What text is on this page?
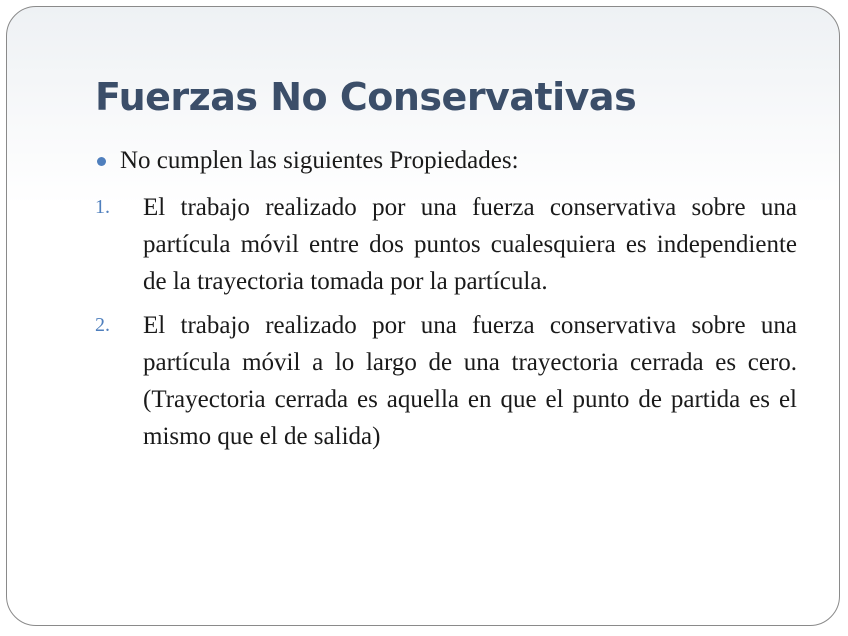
Fuerzas No Conservativas
No cumplen las siguientes Propiedades:
1.	El trabajo realizado por una fuerza conservativa sobre una partícula móvil entre dos puntos cualesquiera es independiente de la trayectoria tomada por la partícula.

2.	El trabajo realizado por una fuerza conservativa sobre una partícula móvil a lo largo de una trayectoria cerrada es cero. (Trayectoria cerrada es aquella en que el punto de partida es el mismo que el de salida)
